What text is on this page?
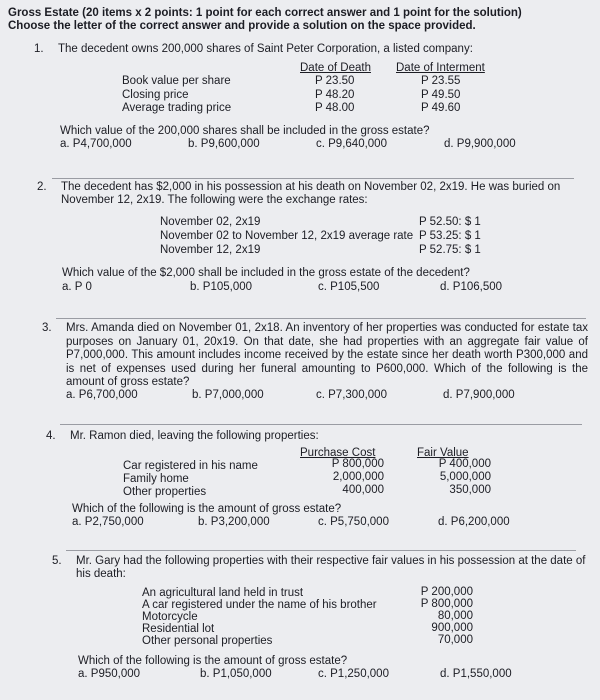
Gross Estate (20 items x 2 points: 1 point for each correct answer and 1 point for the solution)
Choose the letter of the correct answer and provide a solution on the space provided.
1. The decedent owns 200,000 shares of Saint Peter Corporation, a listed company:
Date of Death Date of Interment
Book value per share	P 23.50	P 23.55
Closing price	P 48.20	P 49.50
Average trading price	P 48.00	P 49.60
Which value of the 200,000 shares shall be included in the gross estate?
a. P4,700,000	b. P9,600,000	c. P9,640,000	d. P9,900,000
2. The decedent has $2,000 in his possession at his death on November 02, 2x19. He was buried on
November 12, 2x19. The following were the exchange rates:
November 02, 2x19	P 52.50: $ 1
November 02 to November 12, 2x19 average rate P 53.25: $ 1
November 12, 2x19	P 52.75: $ 1
Which value of the $2,000 shall be included in the gross estate of the decedent?
a. P 0	b. P105,000	c. P105,500	d. P106,500
3. Mrs. Amanda died on November 01, 2x18. An inventory of her properties was conducted for estate tax purposes on January 01, 20x19. On that date, she had properties with an aggregate fair value of P7,000,000. This amount includes income received by the estate since her death worth P300,000 and is net of expenses used during her funeral amounting to P600,000. Which of the following is the amount of gross estate?
a. P6,700,000	b. P7,000,000	c. P7,300,000	d. P7,900,000
4. Mr. Ramon died, leaving the following properties:
Purchase Cost	Fair Value
Car registered in his name	P 800,000	P 400,000
Family home	2,000,000	5,000,000
Other properties	400,000	350,000
Which of the following is the amount of gross estate?
a. P2,750,000	b. P3,200,000	c. P5,750,000	d. P6,200,000
5. Mr. Gary had the following properties with their respective fair values in his possession at the date of
his death:
An agricultural land held in trust	P 200,000
A car registered under the name of his brother	P 800,000
Motorcycle	80,000
Residential lot	900,000
Other personal properties	70,000
Which of the following is the amount of gross estate?
a. P950,000	b. P1,050,000	c. P1,250,000	d. P1,550,000
